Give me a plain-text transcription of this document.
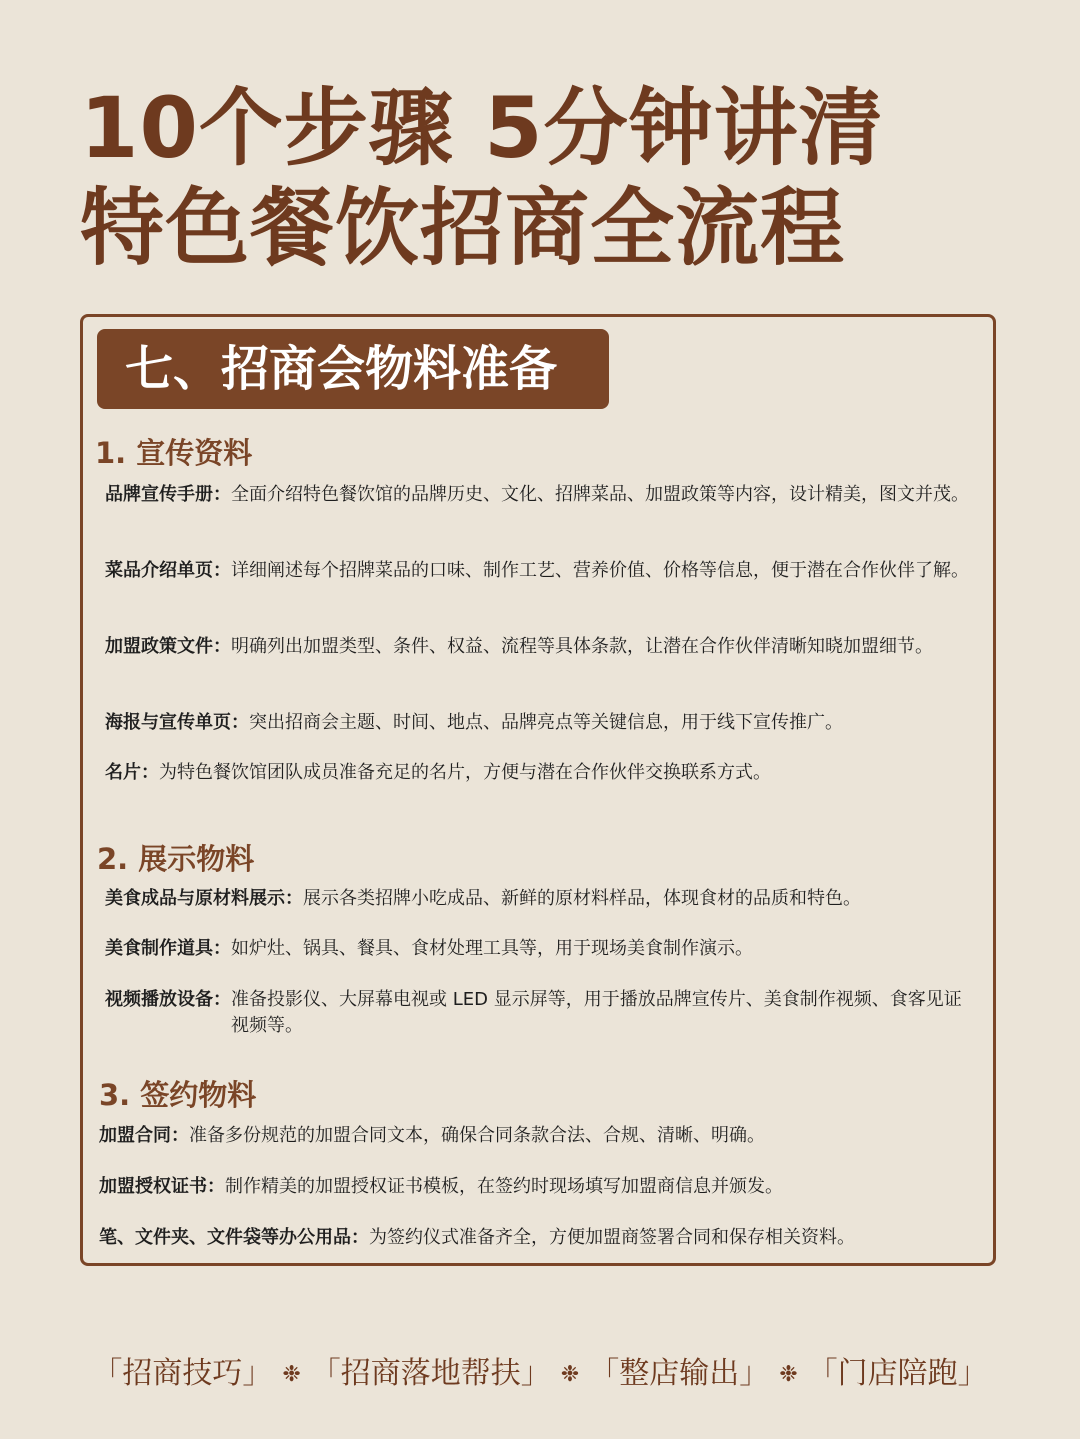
10个步骤 5分钟讲清
特色餐饮招商全流程
七、招商会物料准备
1. 宣传资料
品牌宣传手册： 全面介绍特色餐饮馆的品牌历史、文化、招牌菜品、加盟政策等内容，设计精美，图文并茂。
菜品介绍单页： 详细阐述每个招牌菜品的口味、制作工艺、营养价值、价格等信息，便于潜在合作伙伴了解。
加盟政策文件： 明确列出加盟类型、条件、权益、流程等具体条款，让潜在合作伙伴清晰知晓加盟细节。
海报与宣传单页： 突出招商会主题、时间、地点、品牌亮点等关键信息，用于线下宣传推广。
名片： 为特色餐饮馆团队成员准备充足的名片，方便与潜在合作伙伴交换联系方式。
2. 展示物料
美食成品与原材料展示： 展示各类招牌小吃成品、新鲜的原材料样品，体现食材的品质和特色。
美食制作道具： 如炉灶、锅具、餐具、食材处理工具等，用于现场美食制作演示。
视频播放设备： 准备投影仪、大屏幕电视或 LED 显示屏等，用于播放品牌宣传片、美食制作视频、食客见证视频等。
3. 签约物料
加盟合同： 准备多份规范的加盟合同文本，确保合同条款合法、合规、清晰、明确。
加盟授权证书： 制作精美的加盟授权证书模板，在签约时现场填写加盟商信息并颁发。
笔、文件夹、文件袋等办公用品： 为签约仪式准备齐全，方便加盟商签署合同和保存相关资料。
「招商技巧」 ❉ 「招商落地帮扶」 ❉ 「整店输出」 ❉ 「门店陪跑」
